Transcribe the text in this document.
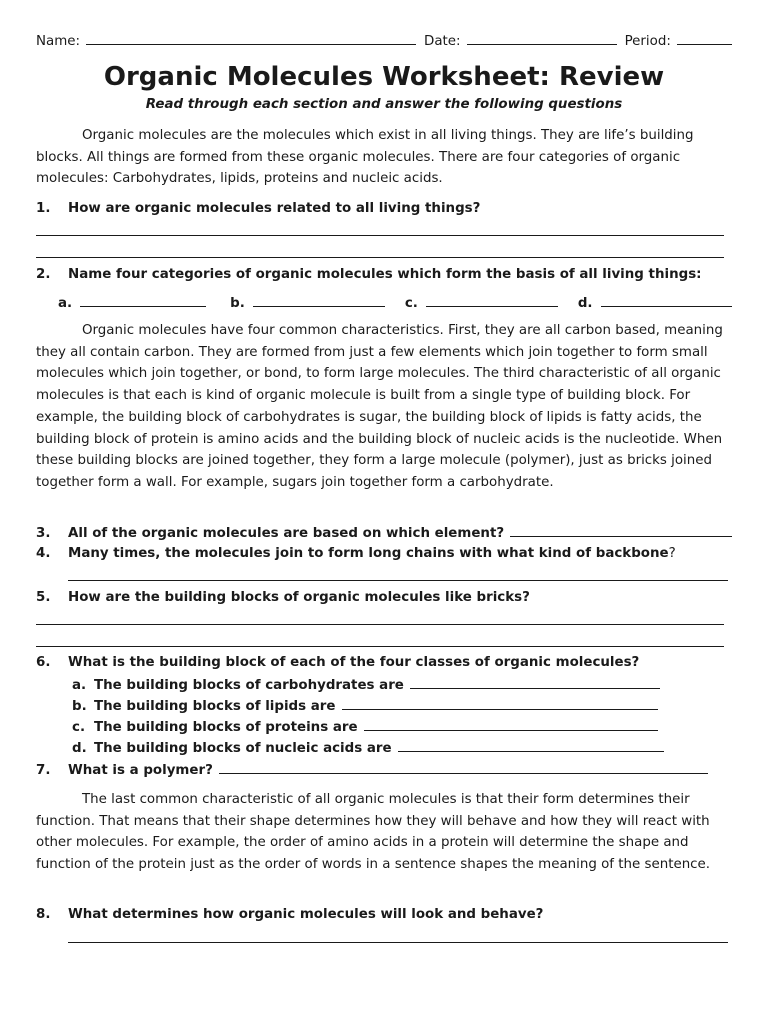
Name:	Date:	Period:
Organic Molecules Worksheet: Review
Read through each section and answer the following questions
Organic molecules are the molecules which exist in all living things. They are life’s building blocks. All things are formed from these organic molecules. There are four categories of organic molecules: Carbohydrates, lipids, proteins and nucleic acids.
1. How are organic molecules related to all living things?
2. Name four categories of organic molecules which form the basis of all living things:
a.	b.	c.	d.
Organic molecules have four common characteristics. First, they are all carbon based, meaning they all contain carbon. They are formed from just a few elements which join together to form small molecules which join together, or bond, to form large molecules. The third characteristic of all organic molecules is that each is kind of organic molecule is built from a single type of building block. For example, the building block of carbohydrates is sugar, the building block of lipids is fatty acids, the building block of protein is amino acids and the building block of nucleic acids is the nucleotide. When these building blocks are joined together, they form a large molecule (polymer), just as bricks joined together form a wall. For example, sugars join together form a carbohydrate.
3.	All of the organic molecules are based on which element?
4. Many times, the molecules join to form long chains with what kind of backbone?
5. How are the building blocks of organic molecules like bricks?
6. What is the building block of each of the four classes of organic molecules?
a. The building blocks of carbohydrates are
b. The building blocks of lipids are
c. The building blocks of proteins are
d. The building blocks of nucleic acids are
7.	What is a polymer?
The last common characteristic of all organic molecules is that their form determines their function. That means that their shape determines how they will behave and how they will react with other molecules. For example, the order of amino acids in a protein will determine the shape and function of the protein just as the order of words in a sentence shapes the meaning of the sentence.
8. What determines how organic molecules will look and behave?
